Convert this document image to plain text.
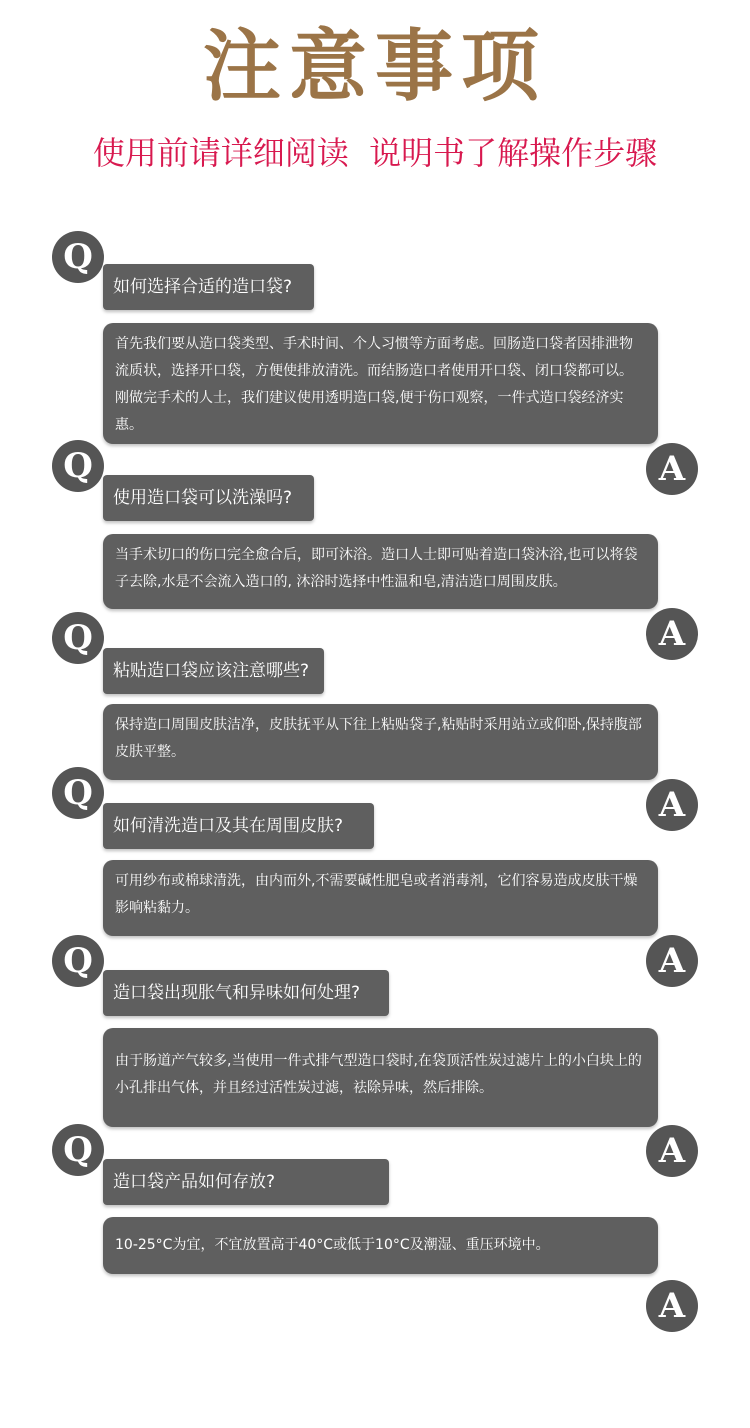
注意事项
使用前请详细阅读  说明书了解操作步骤
Q
如何选择合适的造口袋?
首先我们要从造口袋类型、手术时间、个人习惯等方面考虑。回肠造口袋者因排泄物流质状，选择开口袋，方便使排放清洗。而结肠造口者使用开口袋、闭口袋都可以。刚做完手术的人士，我们建议使用透明造口袋,便于伤口观察，一件式造口袋经济实惠。
A
Q
使用造口袋可以洗澡吗?
当手术切口的伤口完全愈合后，即可沐浴。造口人士即可贴着造口袋沐浴,也可以将袋子去除,水是不会流入造口的, 沐浴时选择中性温和皂,清洁造口周围皮肤。
A
Q
粘贴造口袋应该注意哪些?
保持造口周围皮肤洁净，皮肤抚平从下往上粘贴袋子,粘贴时采用站立或仰卧,保持腹部皮肤平整。
A
Q
如何清洗造口及其在周围皮肤?
可用纱布或棉球清洗，由内而外,不需要碱性肥皂或者消毒剂，它们容易造成皮肤干燥影响粘黏力。
A
Q
造口袋出现胀气和异味如何处理?
由于肠道产气较多,当使用一件式排气型造口袋时,在袋顶活性炭过滤片上的小白块上的小孔排出气体，并且经过活性炭过滤，祛除异味，然后排除。
A
Q
造口袋产品如何存放?
10-25°C为宜，不宜放置高于40°C或低于10°C及潮湿、重压环境中。
A
